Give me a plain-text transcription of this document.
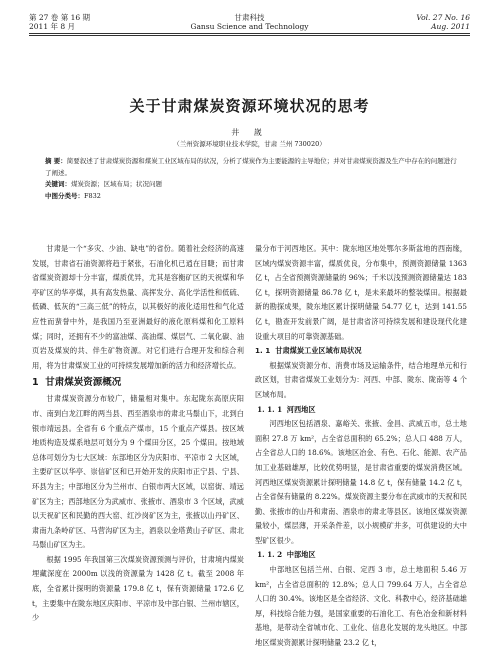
第 27 卷 第 16 期
2011 年 8 月
甘肃科技
Gansu Science and Technology
Vol. 27 No. 16
Aug. 2011
关于甘肃煤炭资源环境状况的思考
井 嵗
（兰州资源环境职业技术学院，甘肃 兰州 730020）

摘 要：简要叙述了甘肃煤炭资源和煤炭工业区域布局的状况，分析了煤炭作为主要能源的主导地位；并对甘肃煤炭资源及生产中存在的问题进行了阐述。

关键词：煤炭资源；区域布局；状况问题

中图分类号：F832

甘肃是一个“多灾、少油、缺电”的省份。随着社会经济的高速发展，甘肃省石油资源将趋于紧张，石油化机已逍在目睫；而甘肃省煤炭资源却十分丰富，煤质优异，尤其是容衡矿区的天祝煤和华亭矿区的华亭煤，具有高发热量、高挥发分、高化学活性和低硫、低磷、低灰的“三高三低”的特点，以其极好的液化适用性和气化适应性而蜚誉中外，是我国乃至亚洲最好的液化原料煤和化工原料煤；同时，还拥有不少的富油煤、高油煤、煤层气、二氧化碳、油页岩及煤炭的共、伴生矿物资源。对它们进行合理开发和综合利用，将为甘肃煤炭工业的可持续发展增加新的活力和经济增长点。

1 甘肃煤炭资源概况

甘肃煤炭资源分布较广，储量相对集中。东起陇东高原庆阳市、南到白龙江畔的两当县、西至酒泉市的肃北马鬃山下，北到白银市靖远县。全省有 6 个重点产煤市，15 个重点产煤县。按区域地质构造及煤系地层可划分为 9 个煤田分区，25 个煤田。按地域总体可划分为七大区域：东部地区分为庆阳市、平凉市 2 大区域，主要矿区以华亭、崇信矿区和已开始开发的庆阳市正宁县、宁县、环县为主；中部地区分为兰州市、白银市两大区域，以窑街、靖远矿区为主；西部地区分为武威市、张掖市、酒泉市 3 个区域，武威以天祝矿区和民勤的西大窑、红沙岗矿区为主，张掖以山丹矿区、肃南九条岭矿区、马营沟矿区为主，酒泉以金塔黄山子矿区、肃北马鬃山矿区为主。

根据 1995 年我国第三次煤炭资源预测与评价，甘肃境内煤炭埋藏深度在 2000m 以浅的资源量为 1428 亿 t。截至 2008 年底，全省累计探明的资源量 179.8 亿 t，保有资源储量 172.6 亿 t，主要集中在陇东地区庆阳市、平凉市及中部白银、兰州市辖区，少

量分布于河西地区。其中：陇东地区地处鄂尔多斯盆地的西南缘，区域内煤炭资源丰富，煤质优良，分布集中，预测资源储量 1363 亿 t，占全省预测资源储量的 96%；千米以浅预测资源储量达 183 亿 t，探明资源储量 86.78 亿 t，是未来最坏的整装煤田。根据最新的勘探成果，陇东地区累计探明储量 54.77 亿 t，达到 141.55 亿 t，勘查开发前景广阔，是甘肃省济可持续发展和建设现代化建设重大项目的可靠资源基础。

1. 1 甘肃煤炭工业区域布局状况

根据煤炭资源分布、消费市场及运输条件，结合地理单元和行政区划，甘肃省煤炭工业划分为：河西、中部、陇东、陇南等 4 个区域布局。

1. 1. 1 河西地区

河西地区包括酒泉、嘉峪关、张掖、金昌、武威五市，总土地面积 27.8 万 km²，占全省总面积的 65.2%；总人口 488 万人，占全省总人口的 18.6%。该地区冶金、有色、石化、能源、农产品加工业基础雄厚，比较优势明显，是甘肃省重要的煤炭消费区域。河西地区煤炭资源累计探明储量 14.8 亿 t，保有储量 14.2 亿 t，占全省保有储量的 8.22%。煤炭资源主要分布在武威市的天祝和民勤、张掖市的山丹和肃南、酒泉市的肃北等县区。该地区煤炭资源量较小，煤层薄，开采条件差，以小规模矿井多，可供建设的大中型矿区很少。

1. 1. 2 中部地区

中部地区包括兰州、白银、定西 3 市，总土地面积 5.46 万 km²，占全省总面积的 12.8%；总人口 799.64 万人，占全省总人口的 30.4%。该地区是全省经济、文化、科教中心，经济基础雄厚，科技综合能力强，是国家重要的石油化工、有色冶金和新材料基地，是带动全省城市化、工业化、信息化发展的龙头地区。中部地区煤炭资源累计探明储量 23.2 亿 t，
